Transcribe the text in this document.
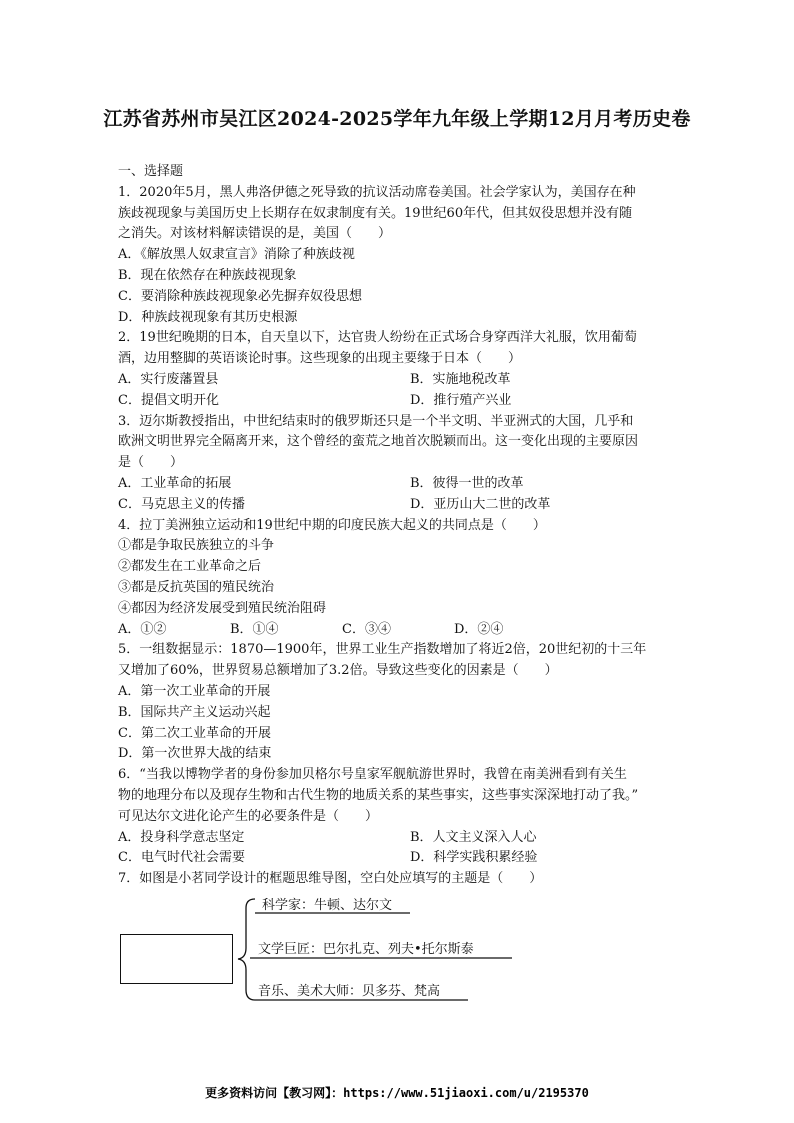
江苏省苏州市吴江区2024-2025学年九年级上学期12月月考历史卷
一、选择题
1．2020年5月，黑人弗洛伊德之死导致的抗议活动席卷美国。社会学家认为，美国存在种
族歧视现象与美国历史上长期存在奴隶制度有关。19世纪60年代，但其奴役思想并没有随
之消失。对该材料解读错误的是，美国（　　）
A．《解放黑人奴隶宣言》消除了种族歧视
B．现在依然存在种族歧视现象
C．要消除种族歧视现象必先摒弃奴役思想
D．种族歧视现象有其历史根源
2．19世纪晚期的日本，自天皇以下，达官贵人纷纷在正式场合身穿西洋大礼服，饮用葡萄
酒，边用整脚的英语谈论时事。这些现象的出现主要缘于日本（　　）
A．实行废藩置县	B．实施地税改革
C．提倡文明开化	D．推行殖产兴业
3．迈尔斯教授指出，中世纪结束时的俄罗斯还只是一个半文明、半亚洲式的大国，几乎和
欧洲文明世界完全隔离开来，这个曾经的蛮荒之地首次脱颖而出。这一变化出现的主要原因
是（　　）
A．工业革命的拓展	B．彼得一世的改革
C．马克思主义的传播	D．亚历山大二世的改革
4．拉丁美洲独立运动和19世纪中期的印度民族大起义的共同点是（　　）
①都是争取民族独立的斗争
②都发生在工业革命之后
③都是反抗英国的殖民统治
④都因为经济发展受到殖民统治阻碍
A．①②	B．①④	C．③④	D．②④
5．一组数据显示：1870—1900年，世界工业生产指数增加了将近2倍，20世纪初的十三年
又增加了60%，世界贸易总额增加了3.2倍。导致这些变化的因素是（　　）
A．第一次工业革命的开展
B．国际共产主义运动兴起
C．第二次工业革命的开展
D．第一次世界大战的结束
6．“当我以博物学者的身份参加贝格尔号皇家军舰航游世界时，我曾在南美洲看到有关生
物的地理分布以及现存生物和古代生物的地质关系的某些事实，这些事实深深地打动了我。”
可见达尔文进化论产生的必要条件是（　　）
A．投身科学意志坚定	B．人文主义深入人心
C．电气时代社会需要	D．科学实践积累经验
7．如图是小茗同学设计的框题思维导图，空白处应填写的主题是（　　）
科学家：牛顿、达尔文
文学巨匠：巴尔扎克、列夫•托尔斯泰
音乐、美术大师：贝多芬、梵高
更多资料访问【教习网】：https://www.51jiaoxi.com/u/2195370
